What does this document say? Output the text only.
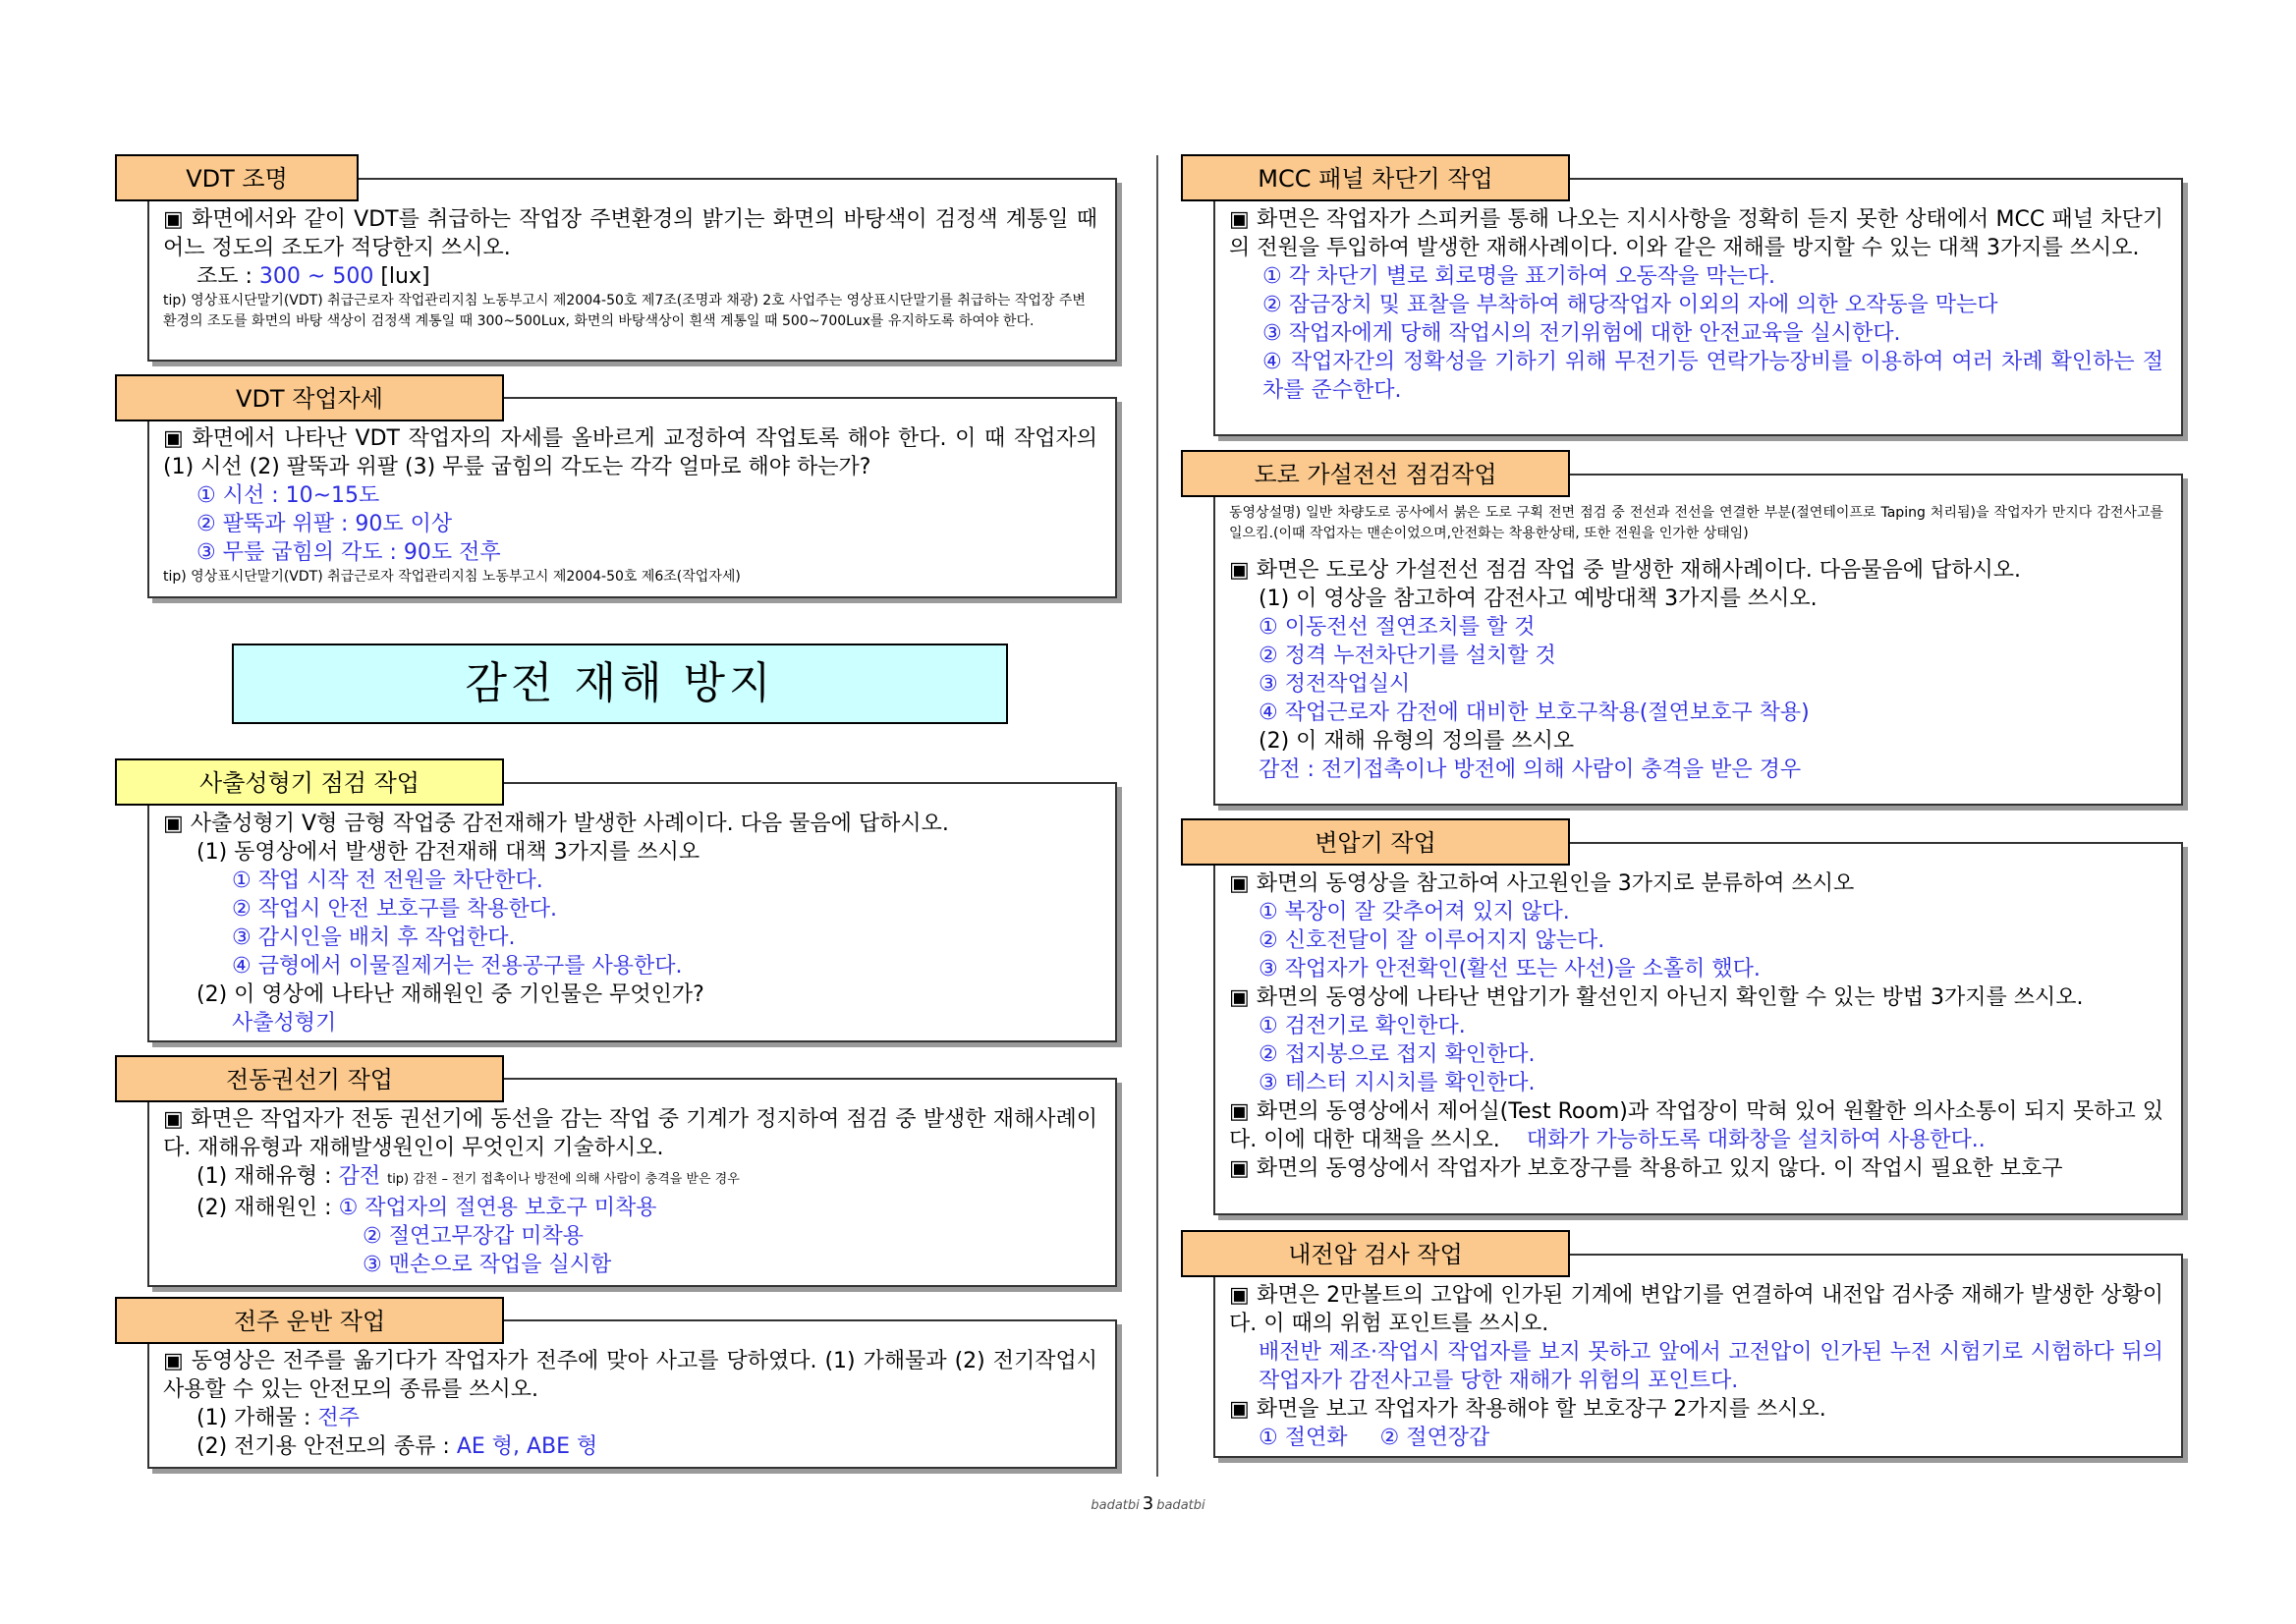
VDT 조명
▣ 화면에서와 같이 VDT를 취급하는 작업장 주변환경의 밝기는 화면의 바탕색이 검정색 계통일 때 어느 정도의 조도가 적당한지 쓰시오.
조도 : 300 ~ 500 [lux]
tip) 영상표시단말기(VDT) 취급근로자 작업관리지침 노동부고시 제2004-50호 제7조(조명과 채광) 2호 사업주는 영상표시단말기를 취급하는 작업장 주변환경의 조도를 화면의 바탕 색상이 검정색 계통일 때 300~500Lux, 화면의 바탕색상이 흰색 계통일 때 500~700Lux를 유지하도록 하여야 한다.
VDT 작업자세
▣ 화면에서 나타난 VDT 작업자의 자세를 올바르게 교정하여 작업토록 해야 한다. 이 때 작업자의 (1) 시선 (2) 팔뚝과 위팔 (3) 무릎 굽힘의 각도는 각각 얼마로 해야 하는가?
① 시선 : 10~15도
② 팔뚝과 위팔 : 90도 이상
③ 무릎 굽힘의 각도 : 90도 전후
tip) 영상표시단말기(VDT) 취급근로자 작업관리지침 노동부고시 제2004-50호 제6조(작업자세)
감전 재해 방지
사출성형기 점검 작업
▣ 사출성형기 V형 금형 작업중 감전재해가 발생한 사례이다. 다음 물음에 답하시오.
(1) 동영상에서 발생한 감전재해 대책 3가지를 쓰시오
① 작업 시작 전 전원을 차단한다.
② 작업시 안전 보호구를 착용한다.
③ 감시인을 배치 후 작업한다.
④ 금형에서 이물질제거는 전용공구를 사용한다.
(2) 이 영상에 나타난 재해원인 중 기인물은 무엇인가?
사출성형기
전동권선기 작업
▣ 화면은 작업자가 전동 권선기에 동선을 감는 작업 중 기계가 정지하여 점검 중 발생한 재해사례이다. 재해유형과 재해발생원인이 무엇인지 기술하시오.
(1) 재해유형 : 감전 tip) 감전 – 전기 접촉이나 방전에 의해 사람이 충격을 받은 경우
(2) 재해원인 : ① 작업자의 절연용 보호구 미착용
② 절연고무장갑 미착용
③ 맨손으로 작업을 실시함
전주 운반 작업
▣ 동영상은 전주를 옮기다가 작업자가 전주에 맞아 사고를 당하였다. (1) 가해물과 (2) 전기작업시 사용할 수 있는 안전모의 종류를 쓰시오.
(1) 가해물 : 전주
(2) 전기용 안전모의 종류 : AE 형, ABE 형
MCC 패널 차단기 작업
▣ 화면은 작업자가 스피커를 통해 나오는 지시사항을 정확히 듣지 못한 상태에서 MCC 패널 차단기의 전원을 투입하여 발생한 재해사례이다. 이와 같은 재해를 방지할 수 있는 대책 3가지를 쓰시오.
① 각 차단기 별로 회로명을 표기하여 오동작을 막는다.
② 잠금장치 및 표찰을 부착하여 해당작업자 이외의 자에 의한 오작동을 막는다
③ 작업자에게 당해 작업시의 전기위험에 대한 안전교육을 실시한다.
④ 작업자간의 정확성을 기하기 위해 무전기등 연락가능장비를 이용하여 여러 차례 확인하는 절차를 준수한다.
도로 가설전선 점검작업
동영상설명) 일반 차량도로 공사에서 붉은 도로 구획 전면 점검 중 전선과 전선을 연결한 부분(절연테이프로 Taping 처리됨)을 작업자가 만지다 감전사고를 일으킴.(이때 작업자는 맨손이었으며,안전화는 착용한상태, 또한 전원을 인가한 상태임)
▣ 화면은 도로상 가설전선 점검 작업 중 발생한 재해사례이다. 다음물음에 답하시오.
(1) 이 영상을 참고하여 감전사고 예방대책 3가지를 쓰시오.
① 이동전선 절연조치를 할 것
② 정격 누전차단기를 설치할 것
③ 정전작업실시
④ 작업근로자 감전에 대비한 보호구착용(절연보호구 착용)
(2) 이 재해 유형의 정의를 쓰시오
감전 : 전기접촉이나 방전에 의해 사람이 충격을 받은 경우
변압기 작업
▣ 화면의 동영상을 참고하여 사고원인을 3가지로 분류하여 쓰시오
① 복장이 잘 갖추어져 있지 않다.
② 신호전달이 잘 이루어지지 않는다.
③ 작업자가 안전확인(활선 또는 사선)을 소홀히 했다.
▣ 화면의 동영상에 나타난 변압기가 활선인지 아닌지 확인할 수 있는 방법 3가지를 쓰시오.
① 검전기로 확인한다.
② 접지봉으로 접지 확인한다.
③ 테스터 지시치를 확인한다.
▣ 화면의 동영상에서 제어실(Test Room)과 작업장이 막혀 있어 원활한 의사소통이 되지 못하고 있다. 이에 대한 대책을 쓰시오. 대화가 가능하도록 대화창을 설치하여 사용한다..
▣ 화면의 동영상에서 작업자가 보호장구를 착용하고 있지 않다. 이 작업시 필요한 보호구
내전압 검사 작업
▣ 화면은 2만볼트의 고압에 인가된 기계에 변압기를 연결하여 내전압 검사중 재해가 발생한 상황이다. 이 때의 위험 포인트를 쓰시오.
배전반 제조·작업시 작업자를 보지 못하고 앞에서 고전압이 인가된 누전 시험기로 시험하다 뒤의 작업자가 감전사고를 당한 재해가 위험의 포인트다.
▣ 화면을 보고 작업자가 착용해야 할 보호장구 2가지를 쓰시오.
① 절연화 ② 절연장갑
badatbi 3 badatbi
